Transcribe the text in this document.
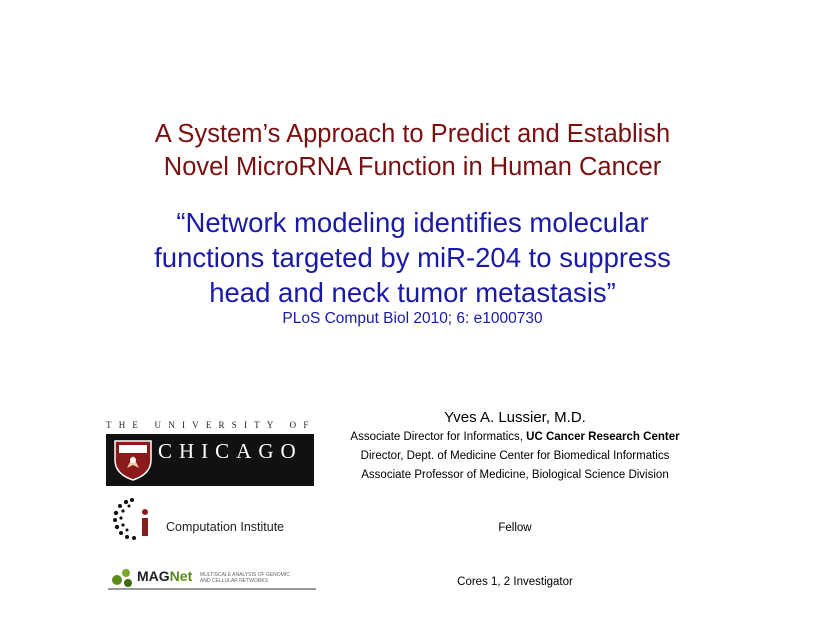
A System’s Approach to Predict and Establish
Novel MicroRNA Function in Human Cancer
“Network modeling identifies molecular
functions targeted by miR-204 to suppress
head and neck tumor metastasis”
PLoS Comput Biol 2010; 6: e1000730
THE UNIVERSITY OF
CHICAGO
Computation Institute
MAGNet MULTISCALE ANALYSIS OF GENOMIC
AND CELLULAR NETWORKS
Yves A. Lussier, M.D.
Associate Director for Informatics, UC Cancer Research Center
Director, Dept. of Medicine Center for Biomedical Informatics
Associate Professor of Medicine, Biological Science Division
Fellow
Cores 1, 2 Investigator
